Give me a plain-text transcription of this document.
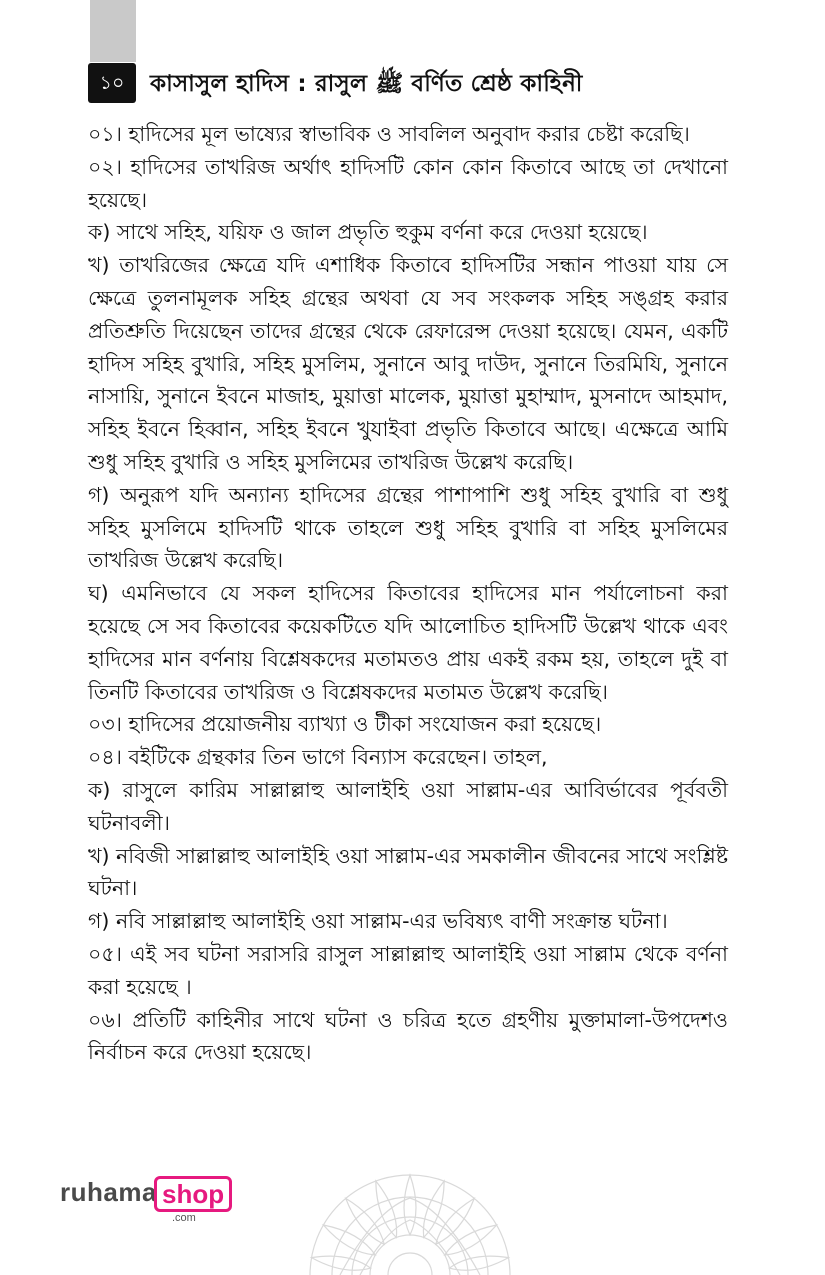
১০	কাসাসুল হাদিস : রাসুল ﷺ বর্ণিত শ্রেষ্ঠ কাহিনী

০১। হাদিসের মূল ভাষ্যের স্বাভাবিক ও সাবলিল অনুবাদ করার চেষ্টা করেছি।

০২। হাদিসের তাখরিজ অর্থাৎ হাদিসটি কোন কোন কিতাবে আছে তা দেখানো হয়েছে।

ক) সাথে সহিহ, যয়িফ ও জাল প্রভৃতি হুকুম বর্ণনা করে দেওয়া হয়েছে।

খ) তাখরিজের ক্ষেত্রে যদি এশাধিক কিতাবে হাদিসটির সন্ধান পাওয়া যায় সে ক্ষেত্রে তুলনামূলক সহিহ গ্রন্থের অথবা যে সব সংকলক সহিহ সঙ্গ্রহ করার প্রতিশ্রুতি দিয়েছেন তাদের গ্রন্থের থেকে রেফারেন্স দেওয়া হয়েছে। যেমন, একটি হাদিস সহিহ বুখারি, সহিহ মুসলিম, সুনানে আবু দাউদ, সুনানে তিরমিযি, সুনানে নাসায়ি, সুনানে ইবনে মাজাহ, মুয়াত্তা মালেক, মুয়াত্তা মুহাম্মাদ, মুসনাদে আহমাদ, সহিহ ইবনে হিব্বান, সহিহ ইবনে খুযাইবা প্রভৃতি কিতাবে আছে। এক্ষেত্রে আমি শুধু সহিহ বুখারি ও সহিহ মুসলিমের তাখরিজ উল্লেখ করেছি।

গ) অনুরূপ যদি অন্যান্য হাদিসের গ্রন্থের পাশাপাশি শুধু সহিহ বুখারি বা শুধু সহিহ মুসলিমে হাদিসটি থাকে তাহলে শুধু সহিহ বুখারি বা সহিহ মুসলিমের তাখরিজ উল্লেখ করেছি।

ঘ) এমনিভাবে যে সকল হাদিসের কিতাবের হাদিসের মান পর্যালোচনা করা হয়েছে সে সব কিতাবের কয়েকটিতে যদি আলোচিত হাদিসটি উল্লেখ থাকে এবং হাদিসের মান বর্ণনায় বিশ্লেষকদের মতামতও প্রায় একই রকম হয়, তাহলে দুই বা তিনটি কিতাবের তাখরিজ ও বিশ্লেষকদের মতামত উল্লেখ করেছি।

০৩। হাদিসের প্রয়োজনীয় ব্যাখ্যা ও টীকা সংযোজন করা হয়েছে।

০৪। বইটিকে গ্রন্থকার তিন ভাগে বিন্যাস করেছেন। তাহল,

ক) রাসুলে কারিম সাল্লাল্লাহু আলাইহি ওয়া সাল্লাম-এর আবির্ভাবের পূর্ববতী ঘটনাবলী।

খ) নবিজী সাল্লাল্লাহু আলাইহি ওয়া সাল্লাম-এর সমকালীন জীবনের সাথে সংশ্লিষ্ট ঘটনা।

গ) নবি সাল্লাল্লাহু আলাইহি ওয়া সাল্লাম-এর ভবিষ্যৎ বাণী সংক্রান্ত ঘটনা।

০৫। এই সব ঘটনা সরাসরি রাসুল সাল্লাল্লাহু আলাইহি ওয়া সাল্লাম থেকে বর্ণনা করা হয়েছে ।

০৬। প্রতিটি কাহিনীর সাথে ঘটনা ও চরিত্র হতে গ্রহণীয় মুক্তামালা-উপদেশও নির্বাচন করে দেওয়া হয়েছে।

ruhama shop
.com
